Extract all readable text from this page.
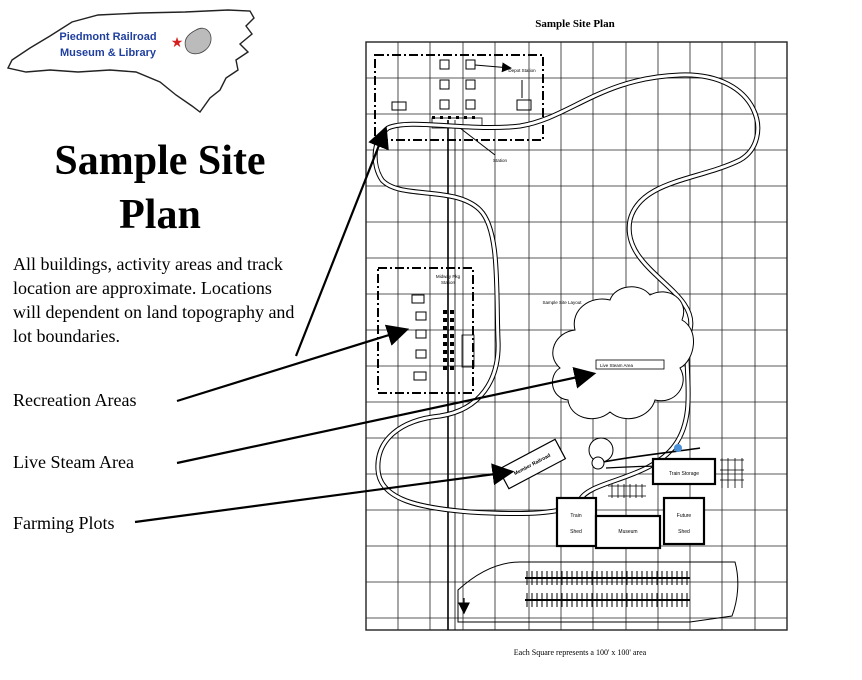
Piedmont Railroad
Museum & Library
★
Sample Site
Plan
All buildings, activity areas and track location are approximate. Locations will dependent on land topography and lot boundaries.
Recreation Areas
Live Steam Area
Farming Plots
Sample Site Plan
Each Square represents a 100' x 100' area
Depot Station
Station
Midway Pkg
Station
Live Steam Area
Sample Site Layout
Member Railroad	Train Storage
Train
Shed	Museum
Future
Shed
